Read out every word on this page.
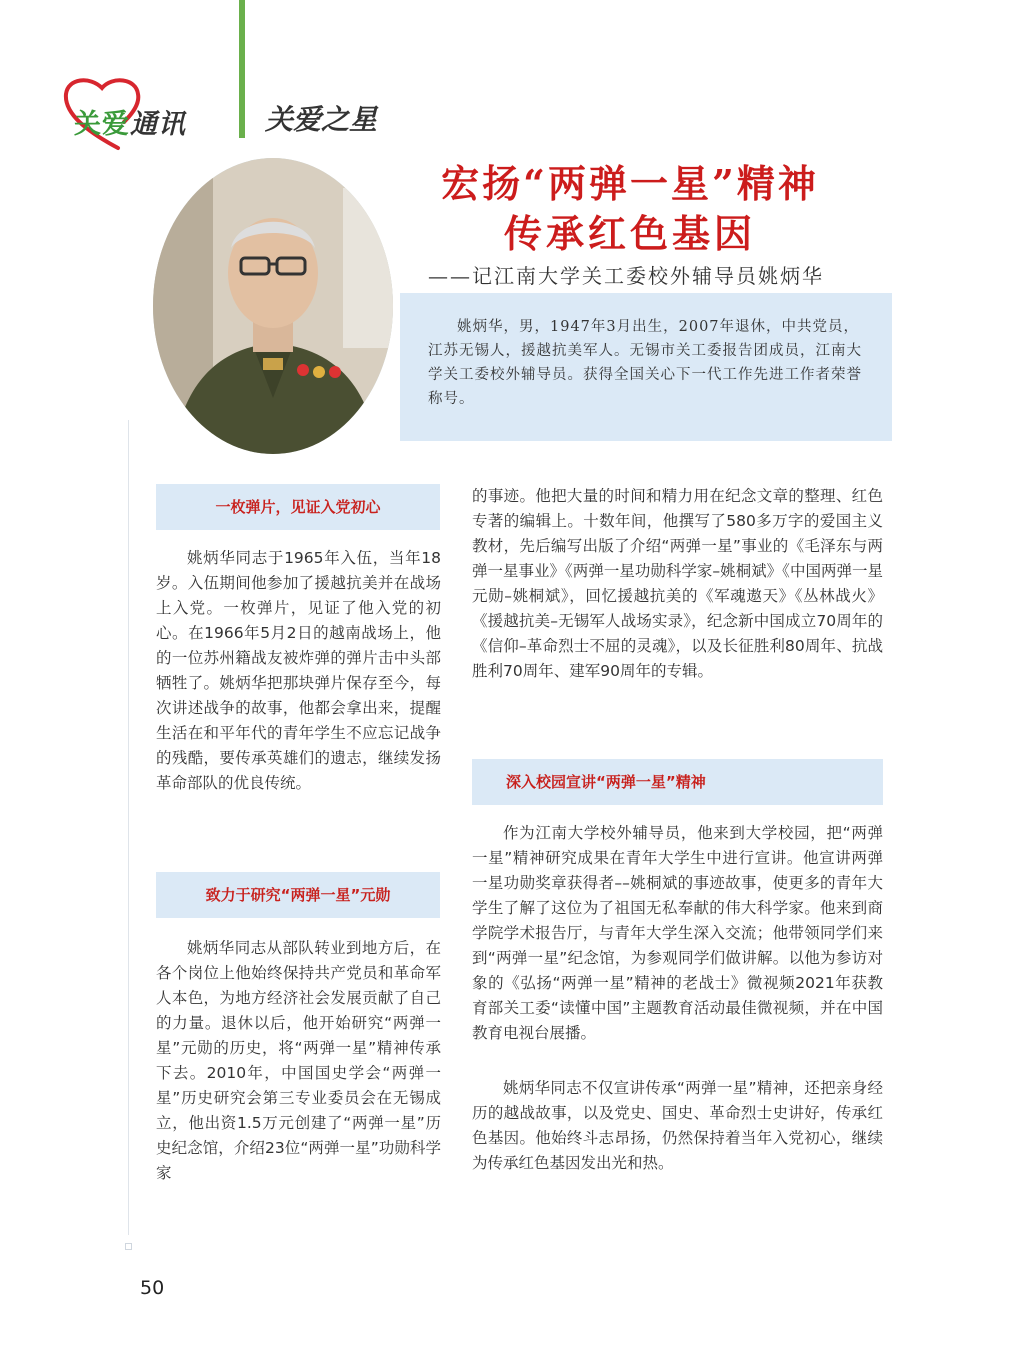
关爱通讯	关爱之星
宏扬“两弹一星”精神
传承红色基因
——记江南大学关工委校外辅导员姚炳华
姚炳华，男，1947年3月出生，2007年退休，中共党员，江苏无锡人，援越抗美军人。无锡市关工委报告团成员，江南大学关工委校外辅导员。获得全国关心下一代工作先进工作者荣誉称号。
一枚弹片，见证入党初心
姚炳华同志于1965年入伍，当年18岁。入伍期间他参加了援越抗美并在战场上入党。一枚弹片，见证了他入党的初心。在1966年5月2日的越南战场上，他的一位苏州籍战友被炸弹的弹片击中头部牺牲了。姚炳华把那块弹片保存至今，每次讲述战争的故事，他都会拿出来，提醒生活在和平年代的青年学生不应忘记战争的残酷，要传承英雄们的遗志，继续发扬革命部队的优良传统。
致力于研究“两弹一星”元勋
姚炳华同志从部队转业到地方后，在各个岗位上他始终保持共产党员和革命军人本色，为地方经济社会发展贡献了自己的力量。退休以后，他开始研究“两弹一星”元勋的历史，将“两弹一星”精神传承下去。2010年，中国国史学会“两弹一星”历史研究会第三专业委员会在无锡成立，他出资1.5万元创建了“两弹一星”历史纪念馆，介绍23位“两弹一星”功勋科学家
的事迹。他把大量的时间和精力用在纪念文章的整理、红色专著的编辑上。十数年间，他撰写了580多万字的爱国主义教材，先后编写出版了介绍“两弹一星”事业的《毛泽东与两弹一星事业》《两弹一星功勋科学家–姚桐斌》《中国两弹一星元勋–姚桐斌》，回忆援越抗美的《军魂遨天》《丛林战火》《援越抗美–无锡军人战场实录》，纪念新中国成立70周年的《信仰–革命烈士不屈的灵魂》，以及长征胜利80周年、抗战胜利70周年、建军90周年的专辑。
深入校园宣讲“两弹一星”精神
作为江南大学校外辅导员，他来到大学校园，把“两弹一星”精神研究成果在青年大学生中进行宣讲。他宣讲两弹一星功勋奖章获得者––姚桐斌的事迹故事，使更多的青年大学生了解了这位为了祖国无私奉献的伟大科学家。他来到商学院学术报告厅，与青年大学生深入交流；他带领同学们来到“两弹一星”纪念馆，为参观同学们做讲解。以他为参访对象的《弘扬“两弹一星”精神的老战士》微视频2021年获教育部关工委“读懂中国”主题教育活动最佳微视频，并在中国教育电视台展播。
姚炳华同志不仅宣讲传承“两弹一星”精神，还把亲身经历的越战故事，以及党史、国史、革命烈士史讲好，传承红色基因。他始终斗志昂扬，仍然保持着当年入党初心，继续为传承红色基因发出光和热。
50
